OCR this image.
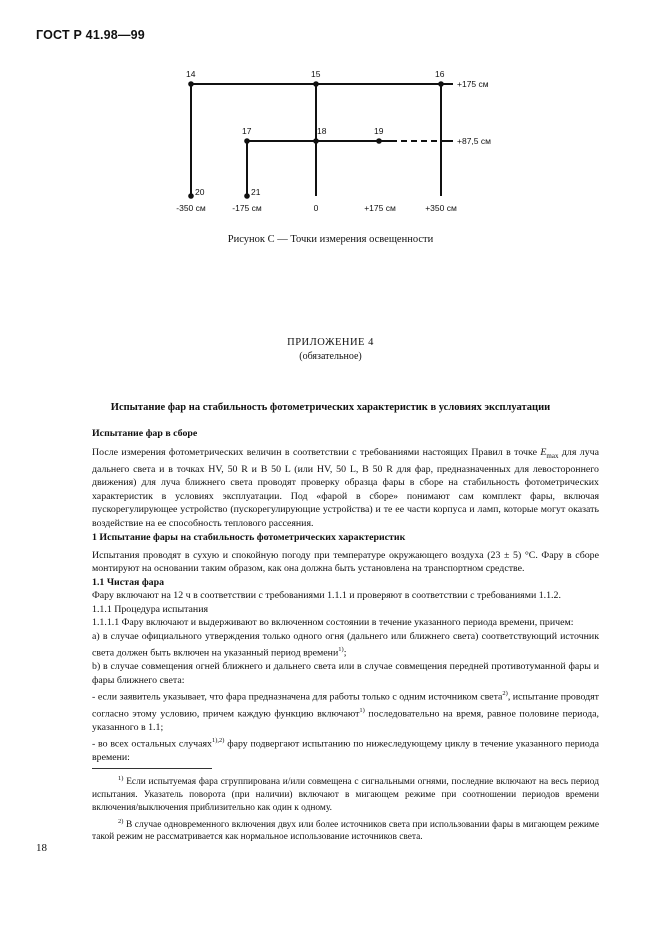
ГОСТ Р 41.98—99
14	15	16
17	18	19
20	21
+175 см
+87,5 см
-350 см	-175 см	0	+175 см	+350 см
Рисунок С — Точки измерения освещенности
ПРИЛОЖЕНИЕ 4
(обязательное)
Испытание фар на стабильность фотометрических характеристик в условиях эксплуатации

Испытание фар в сборе

После измерения фотометрических величин в соответствии с требованиями настоящих Правил в точке $E_{max}$ для луча дальнего света и в точках HV, 50 R и B 50 L (или HV, 50 L, B 50 R для фар, предназначенных для левостороннего движения) для луча ближнего света проводят проверку образца фары в сборе на стабильность фотометрических характеристик в условиях эксплуатации. Под «фарой в сборе» понимают сам комплект фары, включая пускорегулирующее устройство (пускорегулирующие устройства) и те ее части корпуса и ламп, которые могут оказать воздействие на ее способность теплового рассеяния.

1 Испытание фары на стабильность фотометрических характеристик

Испытания проводят в сухую и спокойную погоду при температуре окружающего воздуха (23 ± 5) °С. Фару в сборе монтируют на основании таким образом, как она должна быть установлена на транспортном средстве.

1.1 Чистая фара

Фару включают на 12 ч в соответствии с требованиями 1.1.1 и проверяют в соответствии с требованиями 1.1.2.

1.1.1 Процедура испытания

1.1.1.1 Фару включают и выдерживают во включенном состоянии в течение указанного периода времени, причем:

a) в случае официального утверждения только одного огня (дальнего или ближнего света) соответствующий источник света должен быть включен на указанный период времени$^{1)}$;

b) в случае совмещения огней ближнего и дальнего света или в случае совмещения передней противотуманной фары и фары ближнего света:

- если заявитель указывает, что фара предназначена для работы только с одним источником света$^{2)}$, испытание проводят согласно этому условию, причем каждую функцию включают$^{1)}$ последовательно на время, равное половине периода, указанного в 1.1;

- во всех остальных случаях$^{1),2)}$ фару подвергают испытанию по нижеследующему циклу в течение указанного периода времени:

$^{1)}$ Если испытуемая фара сгруппирована и/или совмещена с сигнальными огнями, последние включают на весь период испытания. Указатель поворота (при наличии) включают в мигающем режиме при соотношении периодов времени включения/выключения приблизительно как один к одному.

$^{2)}$ В случае одновременного включения двух или более источников света при использовании фары в мигающем режиме такой режим не рассматривается как нормальное использование источников света.

18
